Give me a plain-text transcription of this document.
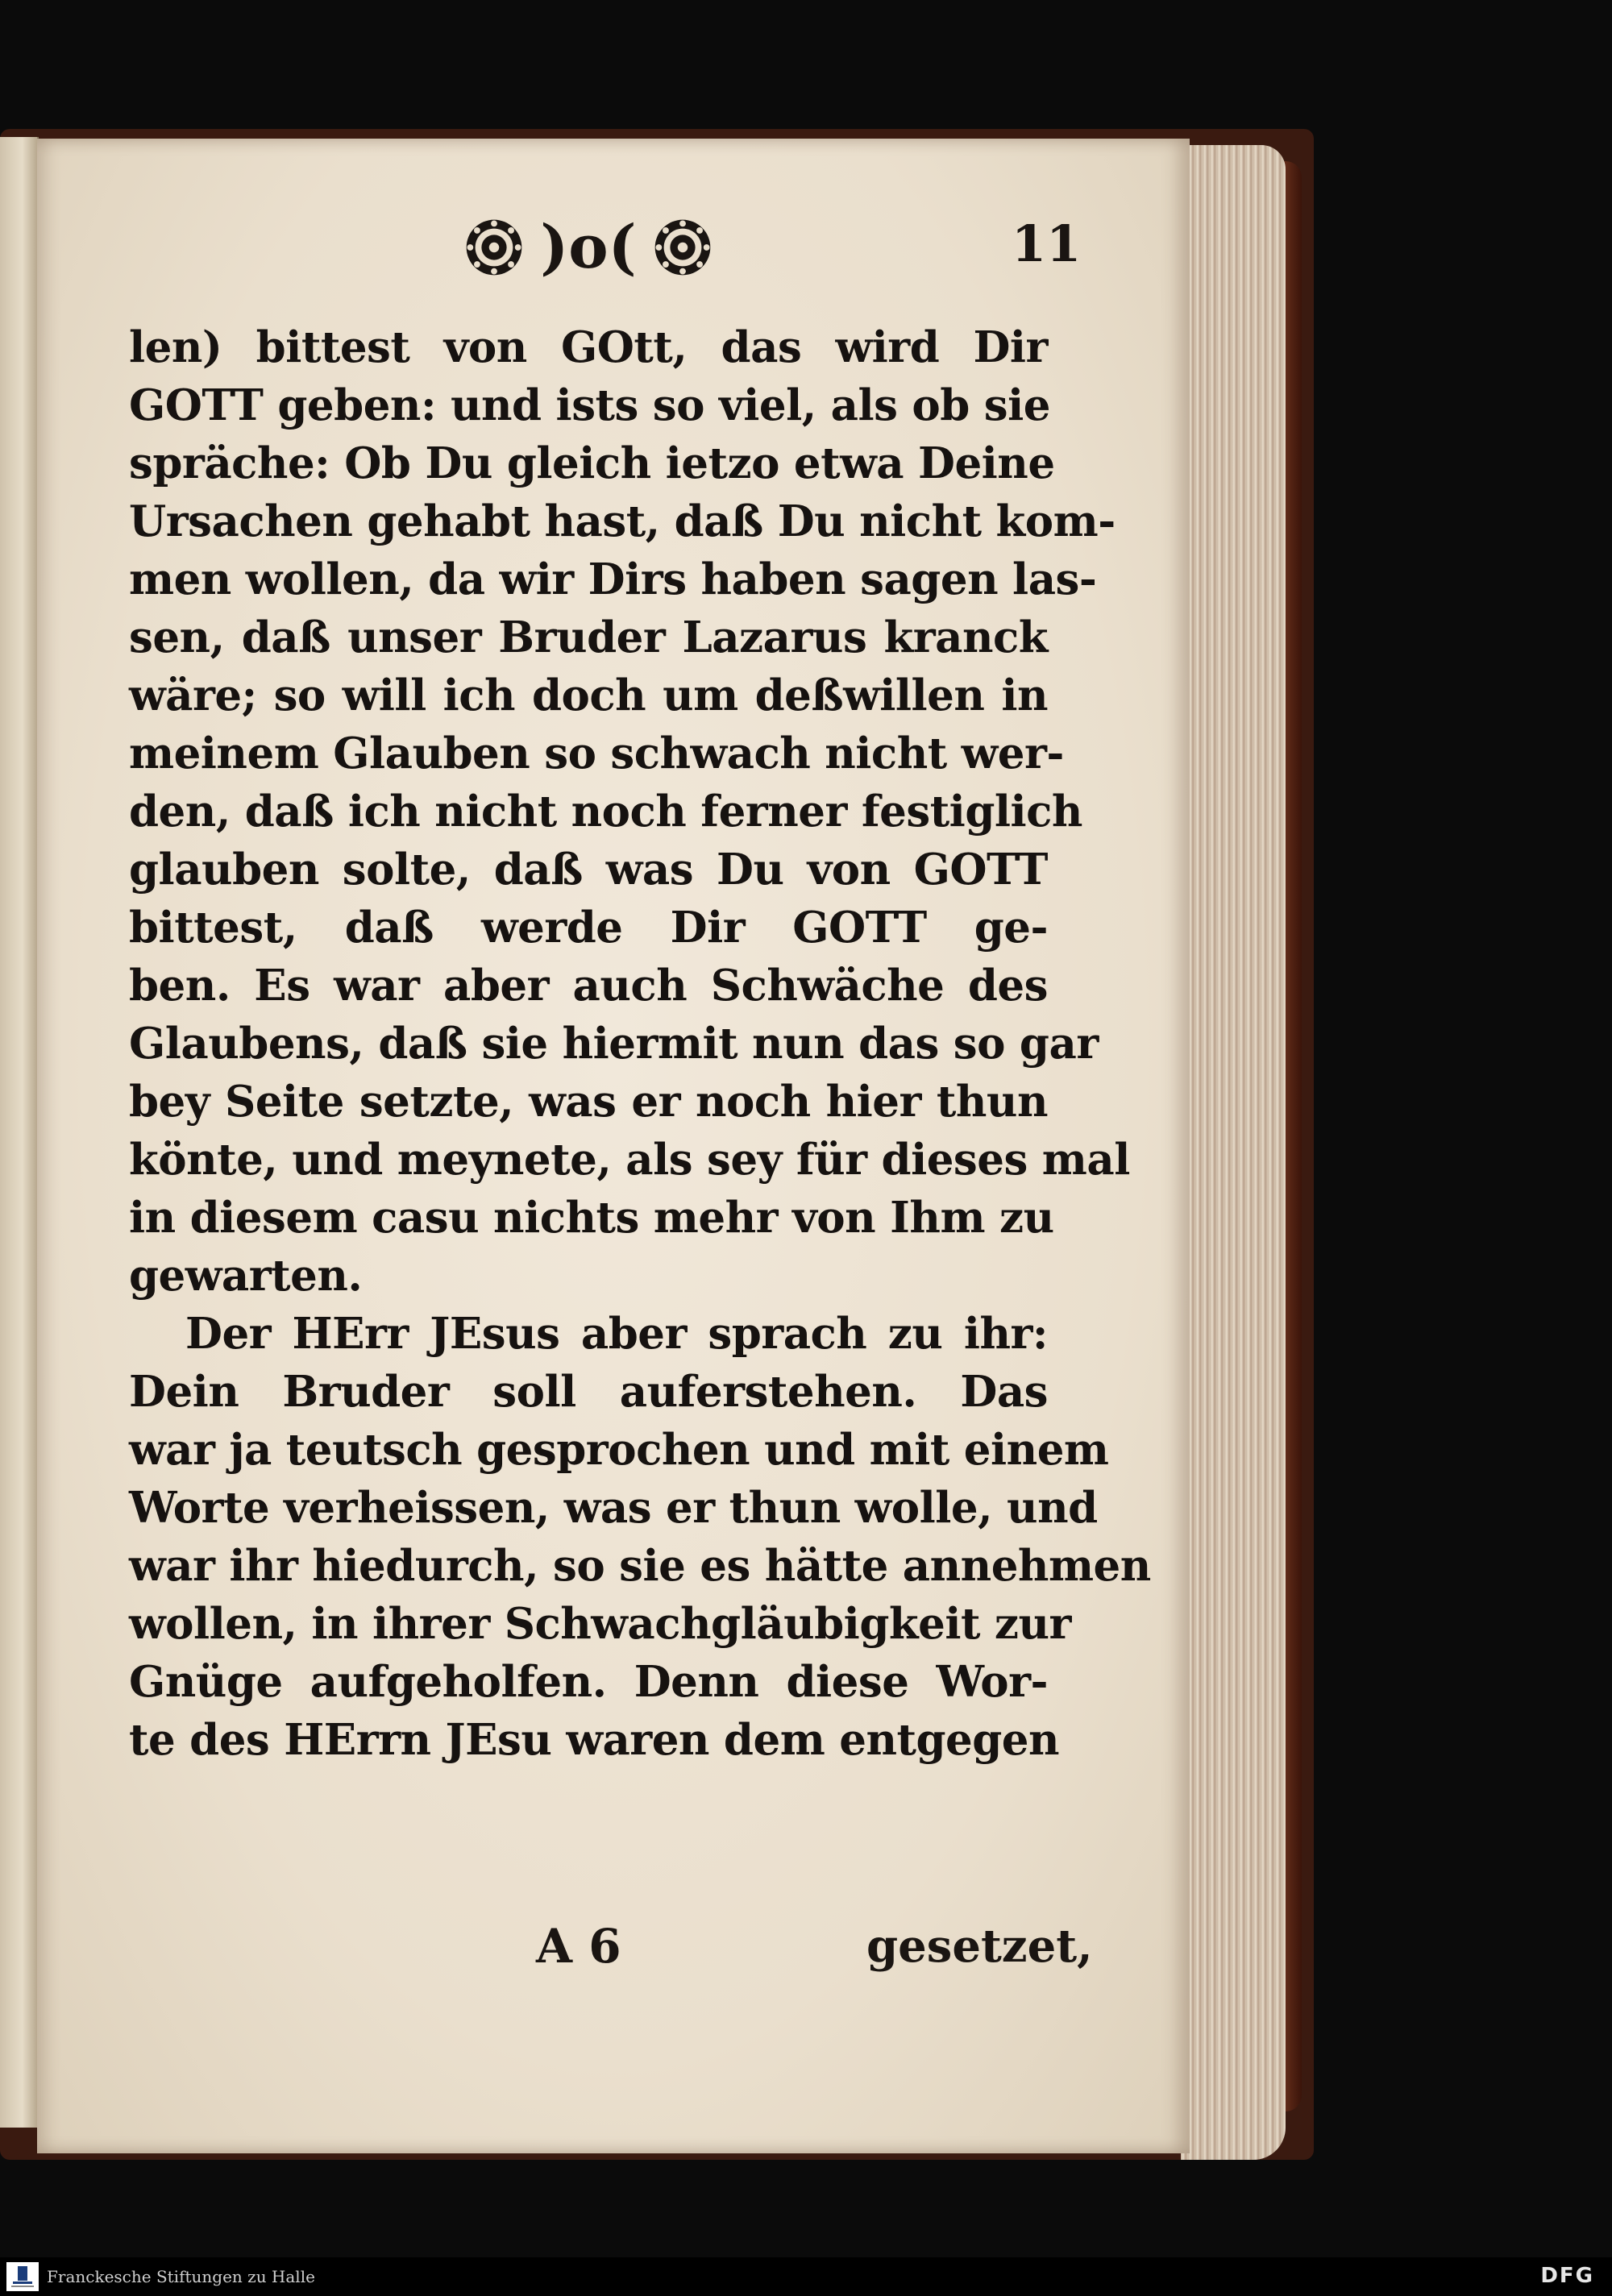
)o(	11
len) bittest von GOtt, das wird Dir
GOTT geben: und ists so viel, als ob sie
spräche: Ob Du gleich ietzo etwa Deine
Ursachen gehabt hast, daß Du nicht kom-
men wollen, da wir Dirs haben sagen las-
sen, daß unser Bruder Lazarus kranck
wäre; so will ich doch um deßwillen in
meinem Glauben so schwach nicht wer-
den, daß ich nicht noch ferner festiglich
glauben solte, daß was Du von GOTT
bittest, daß werde Dir GOTT ge-
ben. Es war aber auch Schwäche des
Glaubens, daß sie hiermit nun das so gar
bey Seite setzte, was er noch hier thun
könte, und meynete, als sey für dieses mal
in diesem casu nichts mehr von Ihm zu
gewarten.
Der HErr JEsus aber sprach zu ihr:
Dein Bruder soll auferstehen. Das
war ja teutsch gesprochen und mit einem
Worte verheissen, was er thun wolle, und
war ihr hiedurch, so sie es hätte annehmen
wollen, in ihrer Schwachgläubigkeit zur
Gnüge aufgeholfen. Denn diese Wor-
te des HErrn JEsu waren dem entgegen
A 6	gesetzet,
Franckesche Stiftungen zu Halle	DFG
